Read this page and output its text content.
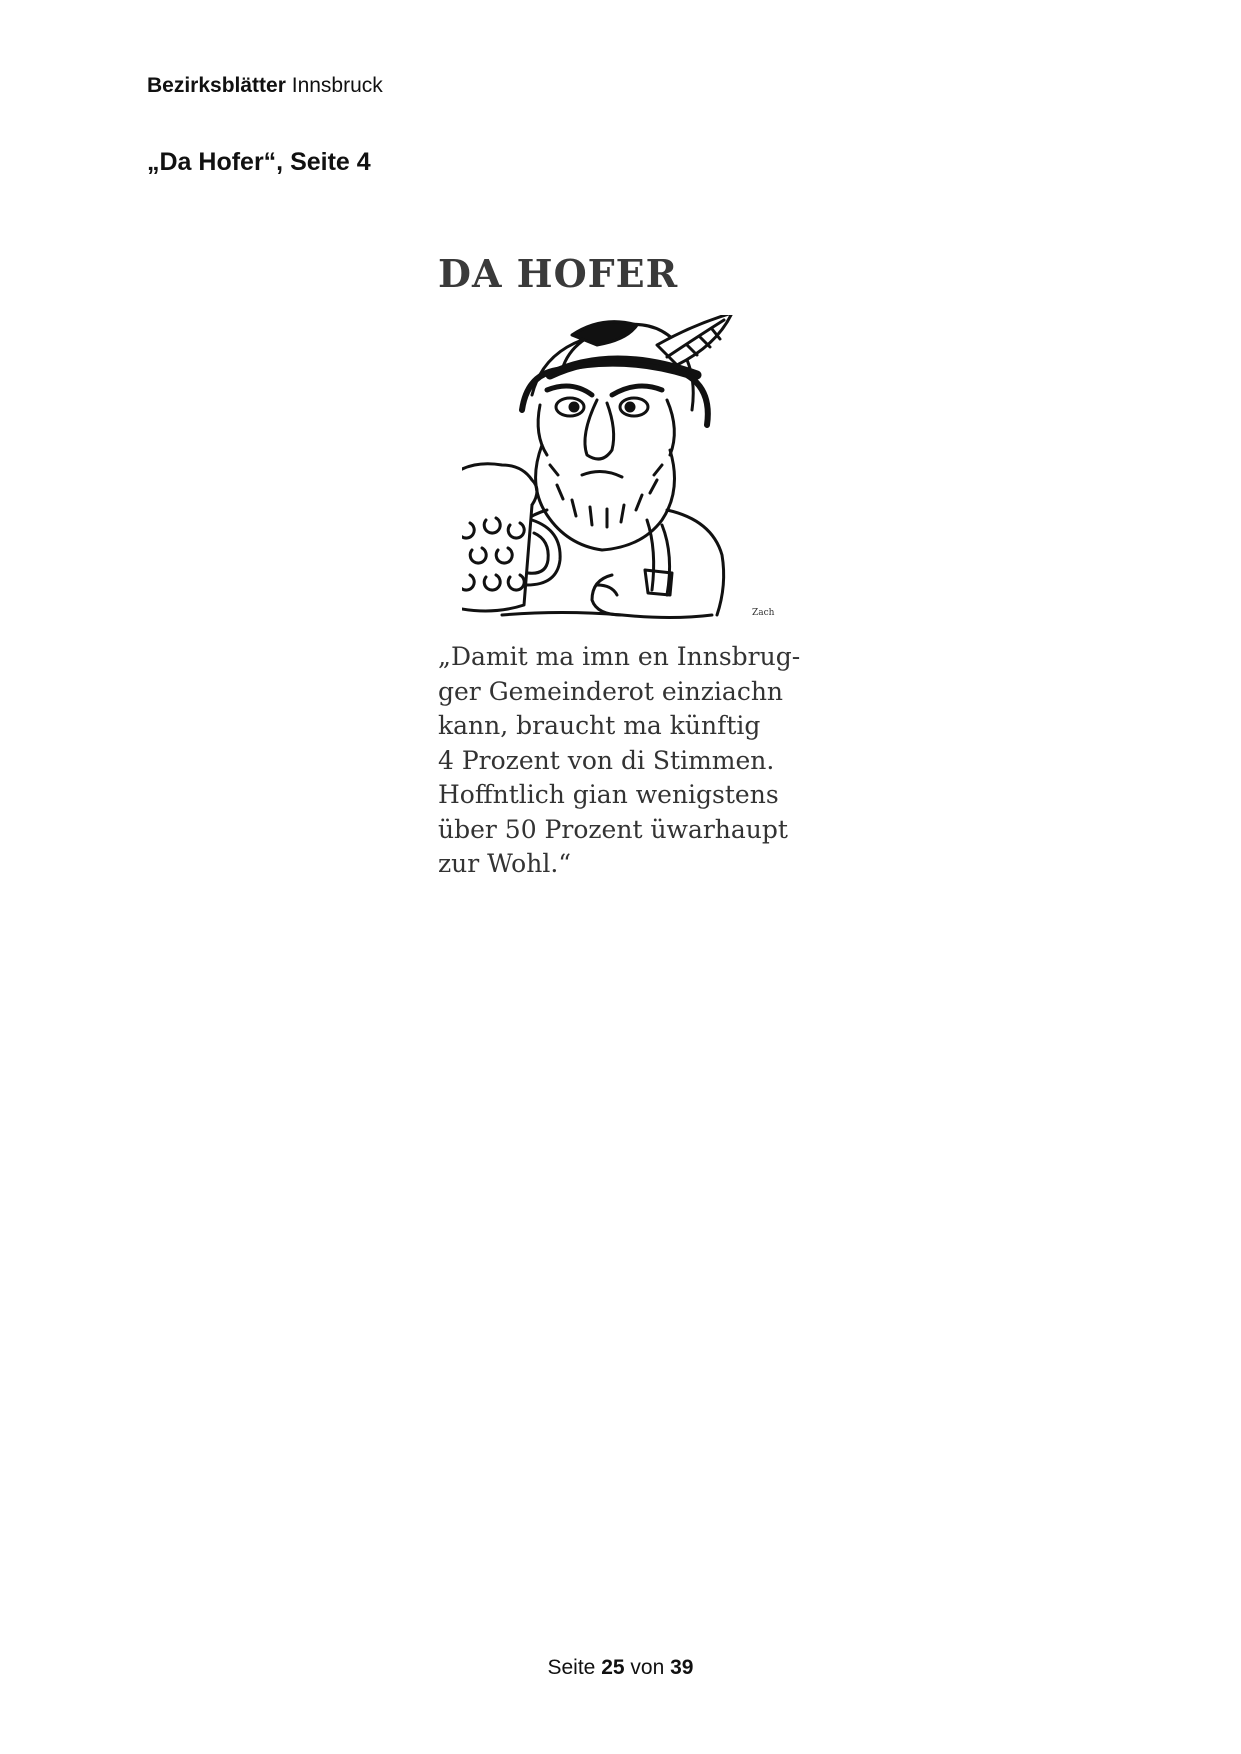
Bezirksblätter Innsbruck
„Da Hofer“, Seite 4
DA HOFER
Zach
„Damit ma imn en Innsbrug-
ger Gemeinderot einziachn
kann, braucht ma künftig
4 Prozent von di Stimmen.
Hoffntlich gian wenigstens
über 50 Prozent üwarhaupt
zur Wohl.“
Seite 25 von 39
